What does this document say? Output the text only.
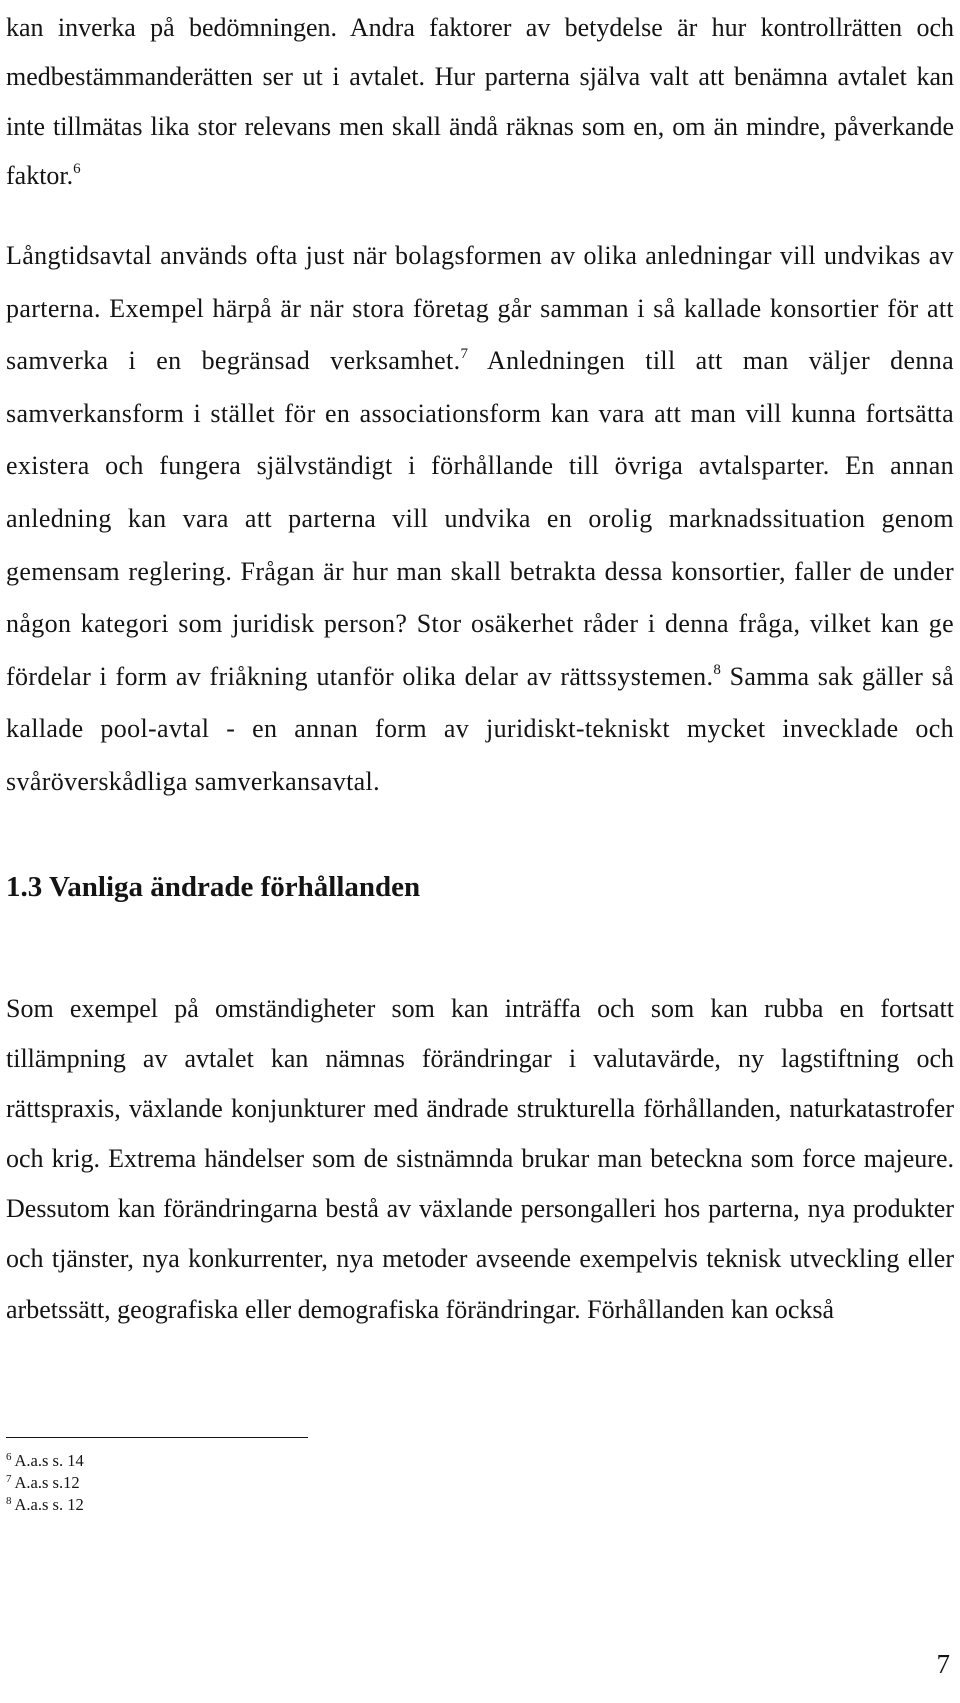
kan inverka på bedömningen. Andra faktorer av betydelse är hur kontrollrätten och medbestämmanderätten ser ut i avtalet. Hur parterna själva valt att benämna avtalet kan inte tillmätas lika stor relevans men skall ändå räknas som en, om än mindre, påverkande faktor.$^6$

Långtidsavtal används ofta just när bolagsformen av olika anledningar vill undvikas av parterna. Exempel härpå är när stora företag går samman i så kallade konsortier för att samverka i en begränsad verksamhet.$^7$ Anledningen till att man väljer denna samverkansform i stället för en associationsform kan vara att man vill kunna fortsätta existera och fungera självständigt i förhållande till övriga avtalsparter. En annan anledning kan vara att parterna vill undvika en orolig marknadssituation genom gemensam reglering. Frågan är hur man skall betrakta dessa konsortier, faller de under någon kategori som juridisk person? Stor osäkerhet råder i denna fråga, vilket kan ge fördelar i form av friåkning utanför olika delar av rättssystemen.$^8$ Samma sak gäller så kallade pool-avtal - en annan form av juridiskt-tekniskt mycket invecklade och svåröverskådliga samverkansavtal.

1.3 Vanliga ändrade förhållanden

Som exempel på omständigheter som kan inträffa och som kan rubba en fortsatt tillämpning av avtalet kan nämnas förändringar i valutavärde, ny lagstiftning och rättspraxis, växlande konjunkturer med ändrade strukturella förhållanden, naturkatastrofer och krig. Extrema händelser som de sistnämnda brukar man beteckna som force majeure. Dessutom kan förändringarna bestå av växlande persongalleri hos parterna, nya produkter och tjänster, nya konkurrenter, nya metoder avseende exempelvis teknisk utveckling eller arbetssätt, geografiska eller demografiska förändringar. Förhållanden kan också

$^6$ A.a.s s. 14
$^7$ A.a.s s.12
$^8$ A.a.s s. 12
7
